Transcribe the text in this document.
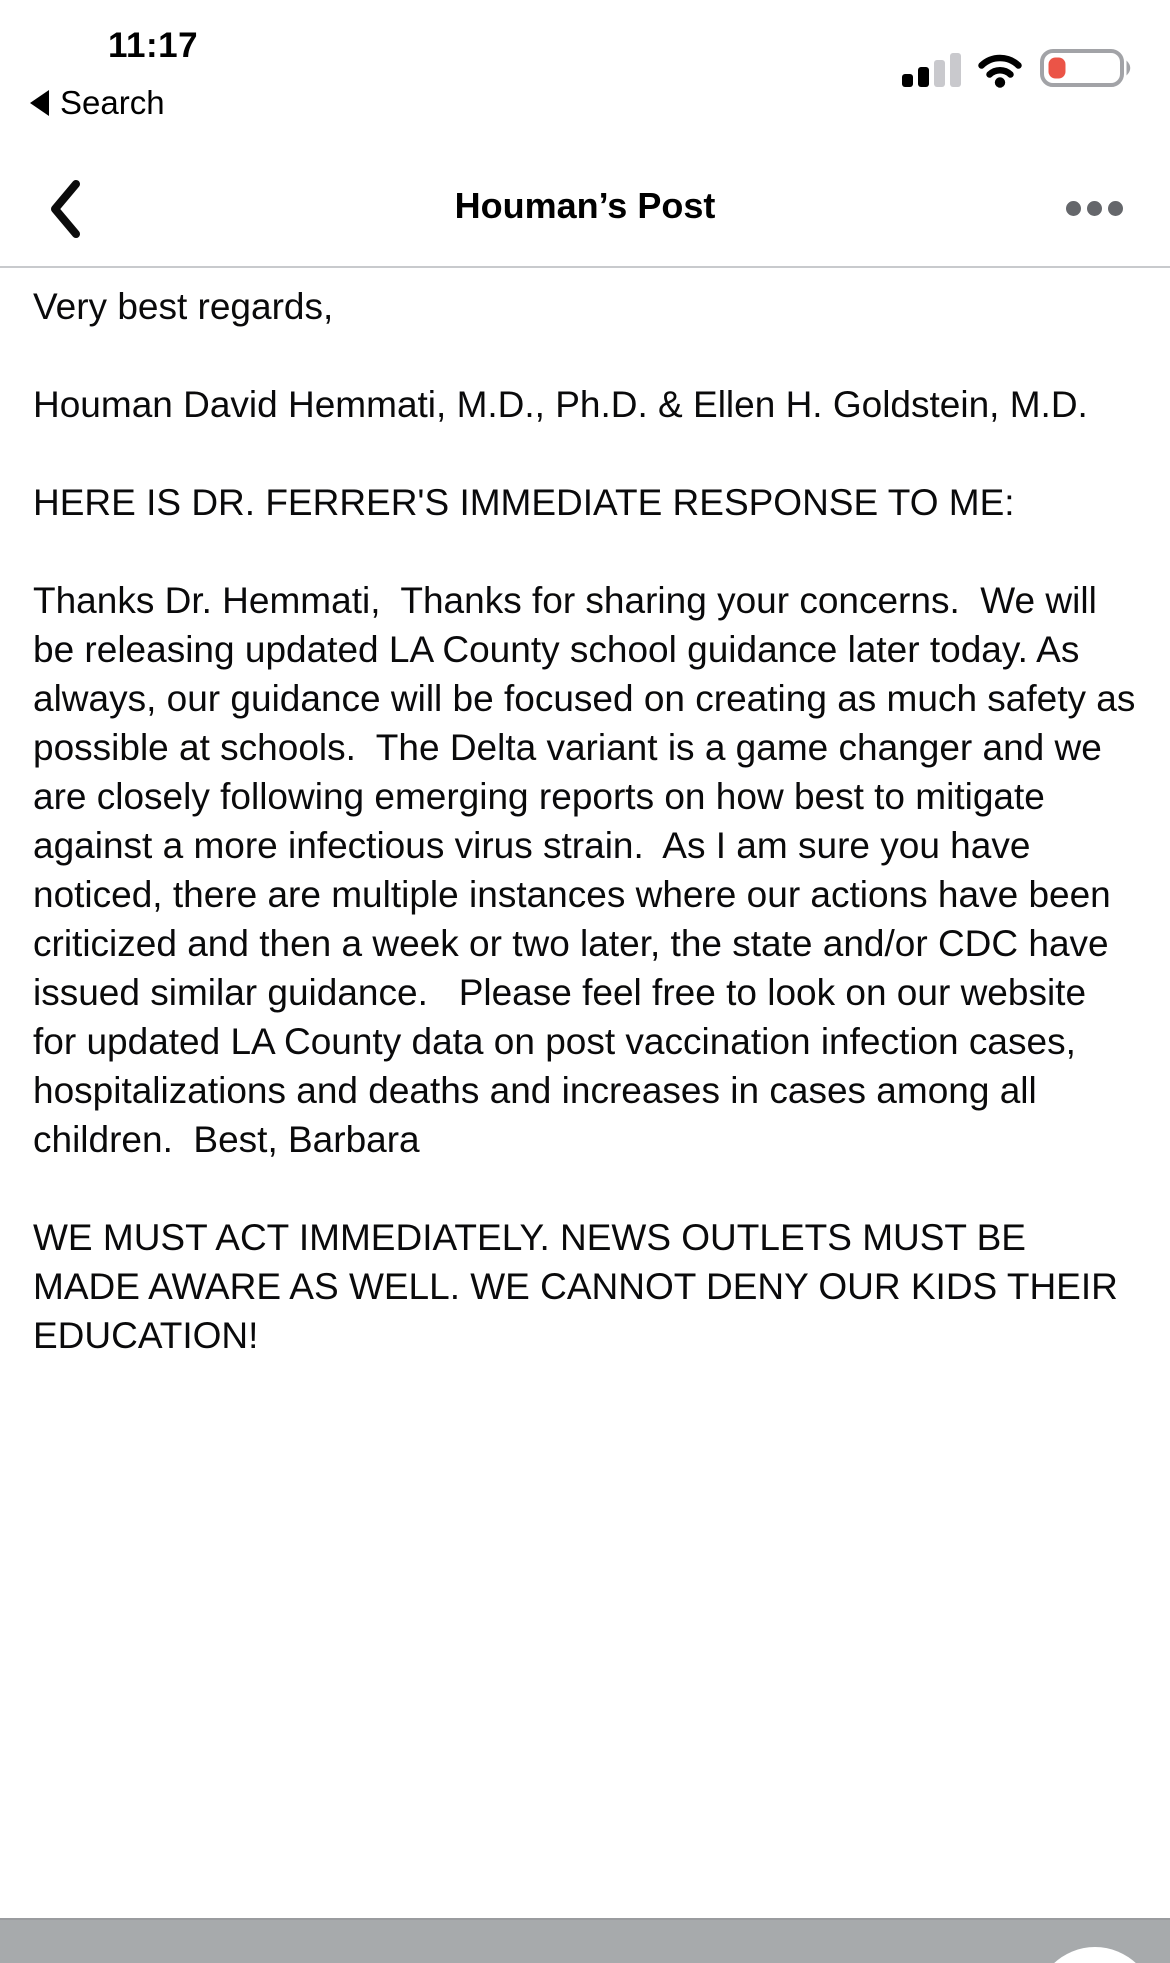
11:17
Search
Houman’s Post

Very best regards,

Houman David Hemmati, M.D., Ph.D. & Ellen H. Goldstein, M.D.

HERE IS DR. FERRER'S IMMEDIATE RESPONSE TO ME:

Thanks Dr. Hemmati,  Thanks for sharing your concerns.  We will be releasing updated LA County school guidance later today. As always, our guidance will be focused on creating as much safety as possible at schools.  The Delta variant is a game changer and we are closely following emerging reports on how best to mitigate against a more infectious virus strain.  As I am sure you have noticed, there are multiple instances where our actions have been criticized and then a week or two later, the state and/or CDC have issued similar guidance.   Please feel free to look on our website for updated LA County data on post vaccination infection cases, hospitalizations and deaths and increases in cases among all children.  Best, Barbara

WE MUST ACT IMMEDIATELY. NEWS OUTLETS MUST BE MADE AWARE AS WELL. WE CANNOT DENY OUR KIDS THEIR EDUCATION!
